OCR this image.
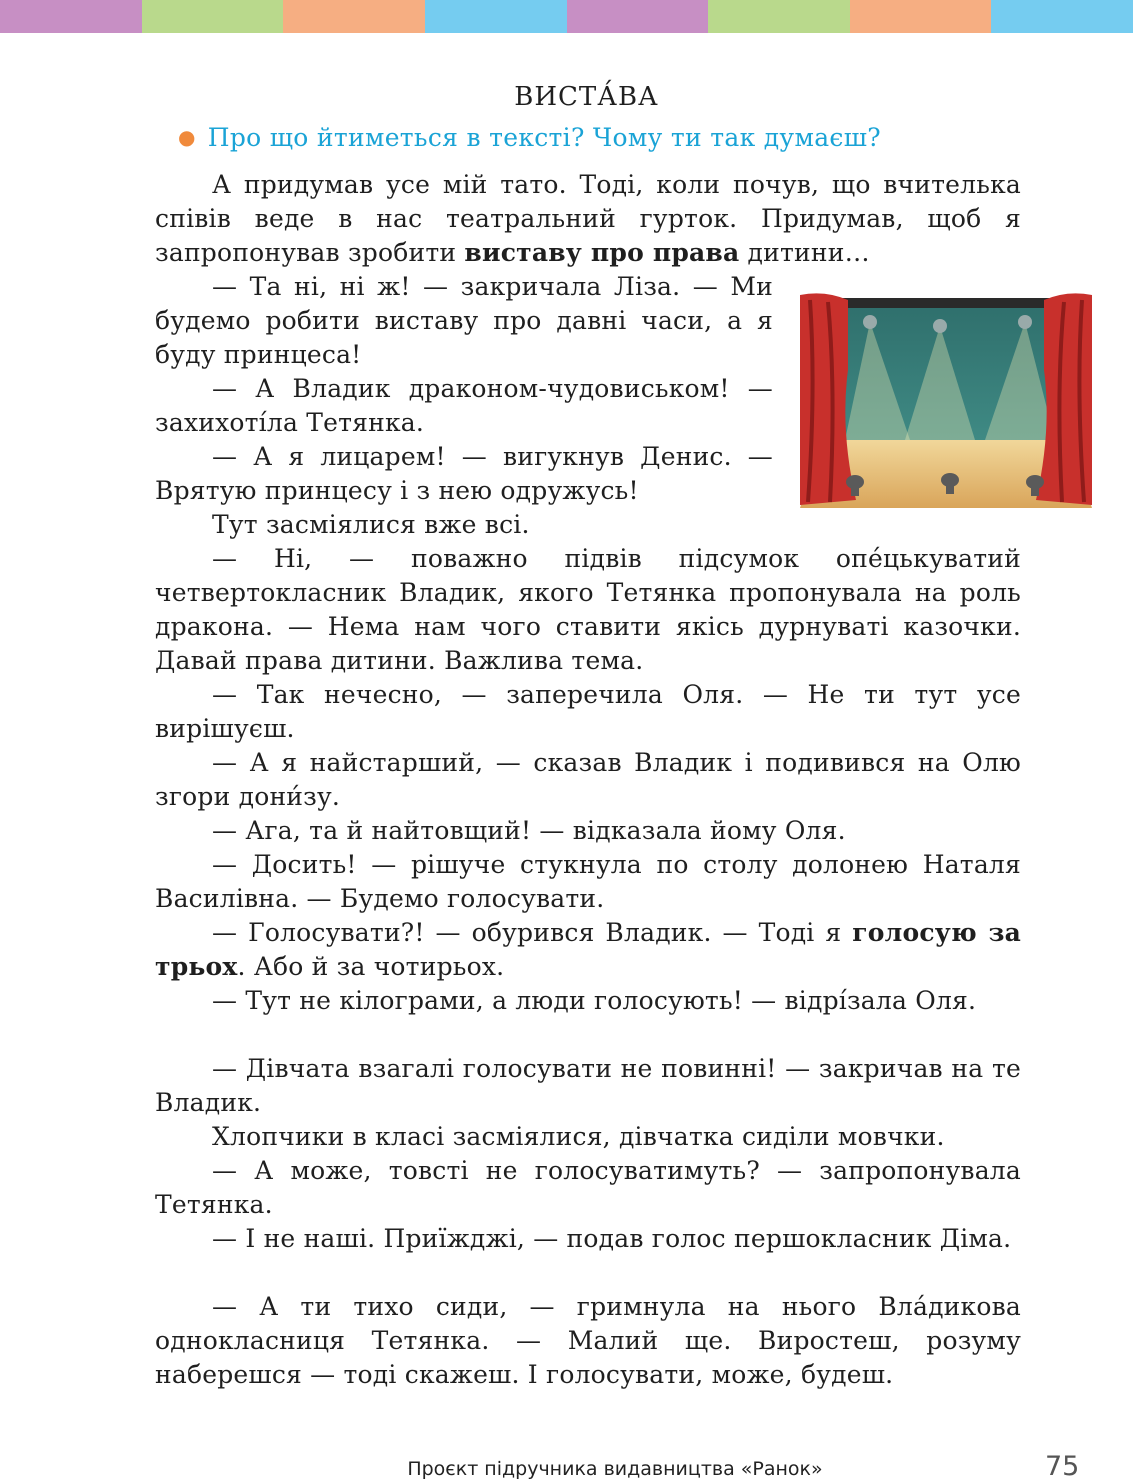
ВИСТА́ВА
● Про що йтиметься в тексті? Чому ти так думаєш?
А придумав усе мій тато. Тоді, коли почув, що вчителька співів веде в нас театральний гурток. Придумав, щоб я запропонував зробити виставу про права дитини…
— Та ні, ні ж! — закричала Ліза. — Ми будемо робити виставу про давні часи, а я буду принцеса!
— А Владик драконом-чудовиськом! — захихоті́ла Тетянка.
— А я лицарем! — вигукнув Денис. — Врятую принцесу і з нею одружусь!
Тут засміялися вже всі.
— Ні, — поважно підвів підсумок опе́цькуватий четвертокласник Владик, якого Тетянка пропонувала на роль дракона. — Нема нам чого ставити якісь дурнуваті казочки. Давай права дитини. Важлива тема.
— Так нечесно, — заперечила Оля. — Не ти тут усе вирішуєш.
— А я найстарший, — сказав Владик і подивився на Олю згори дони́зу.
— Ага, та й найтовщий! — відказала йому Оля.
— Досить! — рішуче стукнула по столу долонею Наталя Василівна. — Будемо голосувати.
— Голосувати?! — обурився Владик. — Тоді я голосую за трьох. Або й за чотирьох.
— Тут не кілограми, а люди голосують! — відрі́зала Оля.
— Дівчата взагалі голосувати не повинні! — закричав на те Владик.
Хлопчики в класі засміялися, дівчатка сиділи мовчки.
— А може, товсті не голосуватимуть? — запропонувала Тетянка.
— І не наші. Приїжджі, — подав голос першокласник Діма.
— А ти тихо сиди, — гримнула на нього Вла́дикова однокласниця Тетянка. — Малий ще. Виростеш, розуму наберешся — тоді скажеш. І голосувати, може, будеш.
75
Проєкт підручника видавництва «Ранок»
